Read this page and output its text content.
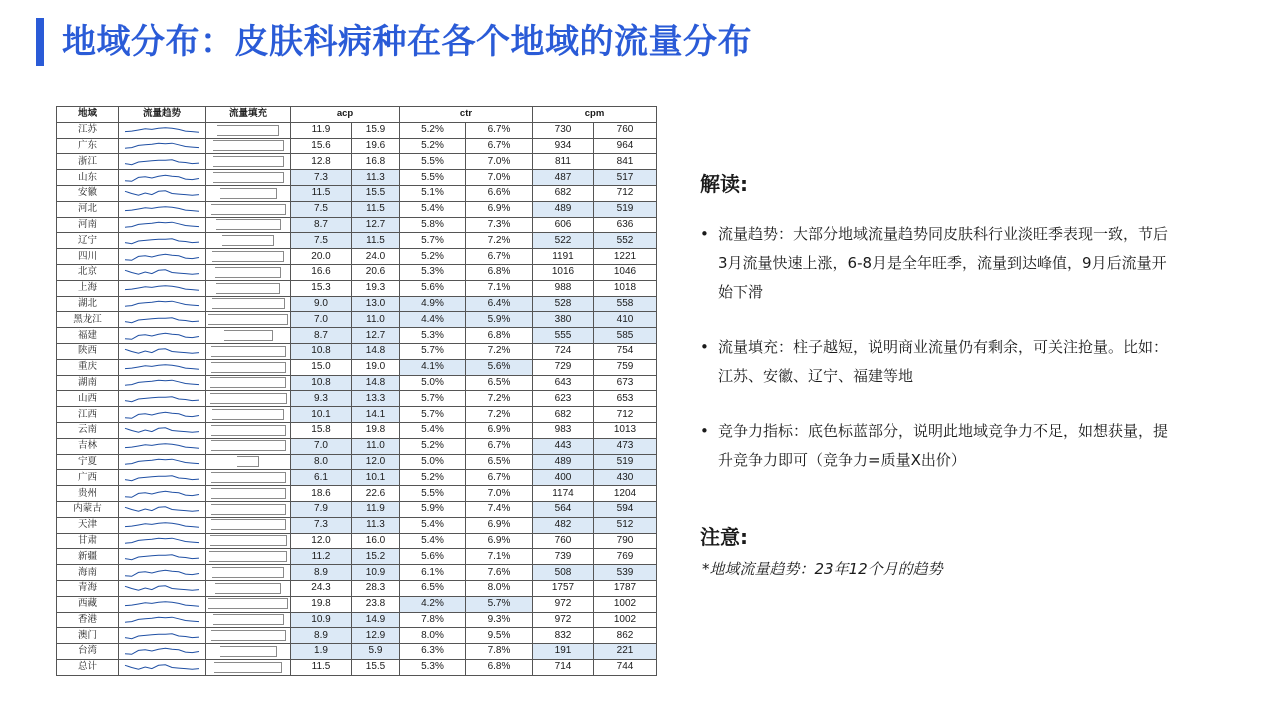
地域分布：皮肤科病种在各个地域的流量分布
地域	流量趋势	流量填充	acp		ctr		cpm	
江苏			11.9	15.9	5.2%	6.7%	730	760
广东			15.6	19.6	5.2%	6.7%	934	964
浙江			12.8	16.8	5.5%	7.0%	811	841
山东			7.3	11.3	5.5%	7.0%	487	517
安徽			11.5	15.5	5.1%	6.6%	682	712
河北			7.5	11.5	5.4%	6.9%	489	519
河南			8.7	12.7	5.8%	7.3%	606	636
辽宁			7.5	11.5	5.7%	7.2%	522	552
四川			20.0	24.0	5.2%	6.7%	1191	1221
北京			16.6	20.6	5.3%	6.8%	1016	1046
上海			15.3	19.3	5.6%	7.1%	988	1018
湖北			9.0	13.0	4.9%	6.4%	528	558
黑龙江			7.0	11.0	4.4%	5.9%	380	410
福建			8.7	12.7	5.3%	6.8%	555	585
陕西			10.8	14.8	5.7%	7.2%	724	754
重庆			15.0	19.0	4.1%	5.6%	729	759
湖南			10.8	14.8	5.0%	6.5%	643	673
山西			9.3	13.3	5.7%	7.2%	623	653
江西			10.1	14.1	5.7%	7.2%	682	712
云南			15.8	19.8	5.4%	6.9%	983	1013
吉林			7.0	11.0	5.2%	6.7%	443	473
宁夏			8.0	12.0	5.0%	6.5%	489	519
广西			6.1	10.1	5.2%	6.7%	400	430
贵州			18.6	22.6	5.5%	7.0%	1174	1204
内蒙古			7.9	11.9	5.9%	7.4%	564	594
天津			7.3	11.3	5.4%	6.9%	482	512
甘肃			12.0	16.0	5.4%	6.9%	760	790
新疆			11.2	15.2	5.6%	7.1%	739	769
海南			8.9	10.9	6.1%	7.6%	508	539
青海			24.3	28.3	6.5%	8.0%	1757	1787
西藏			19.8	23.8	4.2%	5.7%	972	1002
香港			10.9	14.9	7.8%	9.3%	972	1002
澳门			8.9	12.9	8.0%	9.5%	832	862
台湾			1.9	5.9	6.3%	7.8%	191	221
总计			11.5	15.5	5.3%	6.8%	714	744
解读:
• 流量趋势：大部分地域流量趋势同皮肤科行业淡旺季表现一致，节后3月流量快速上涨，6-8月是全年旺季，流量到达峰值，9月后流量开始下滑
• 流量填充：柱子越短，说明商业流量仍有剩余，可关注抢量。比如：江苏、安徽、辽宁、福建等地
• 竞争力指标：底色标蓝部分，说明此地域竞争力不足，如想获量，提升竞争力即可（竞争力=质量X出价）
注意:
*地域流量趋势：23年12个月的趋势
